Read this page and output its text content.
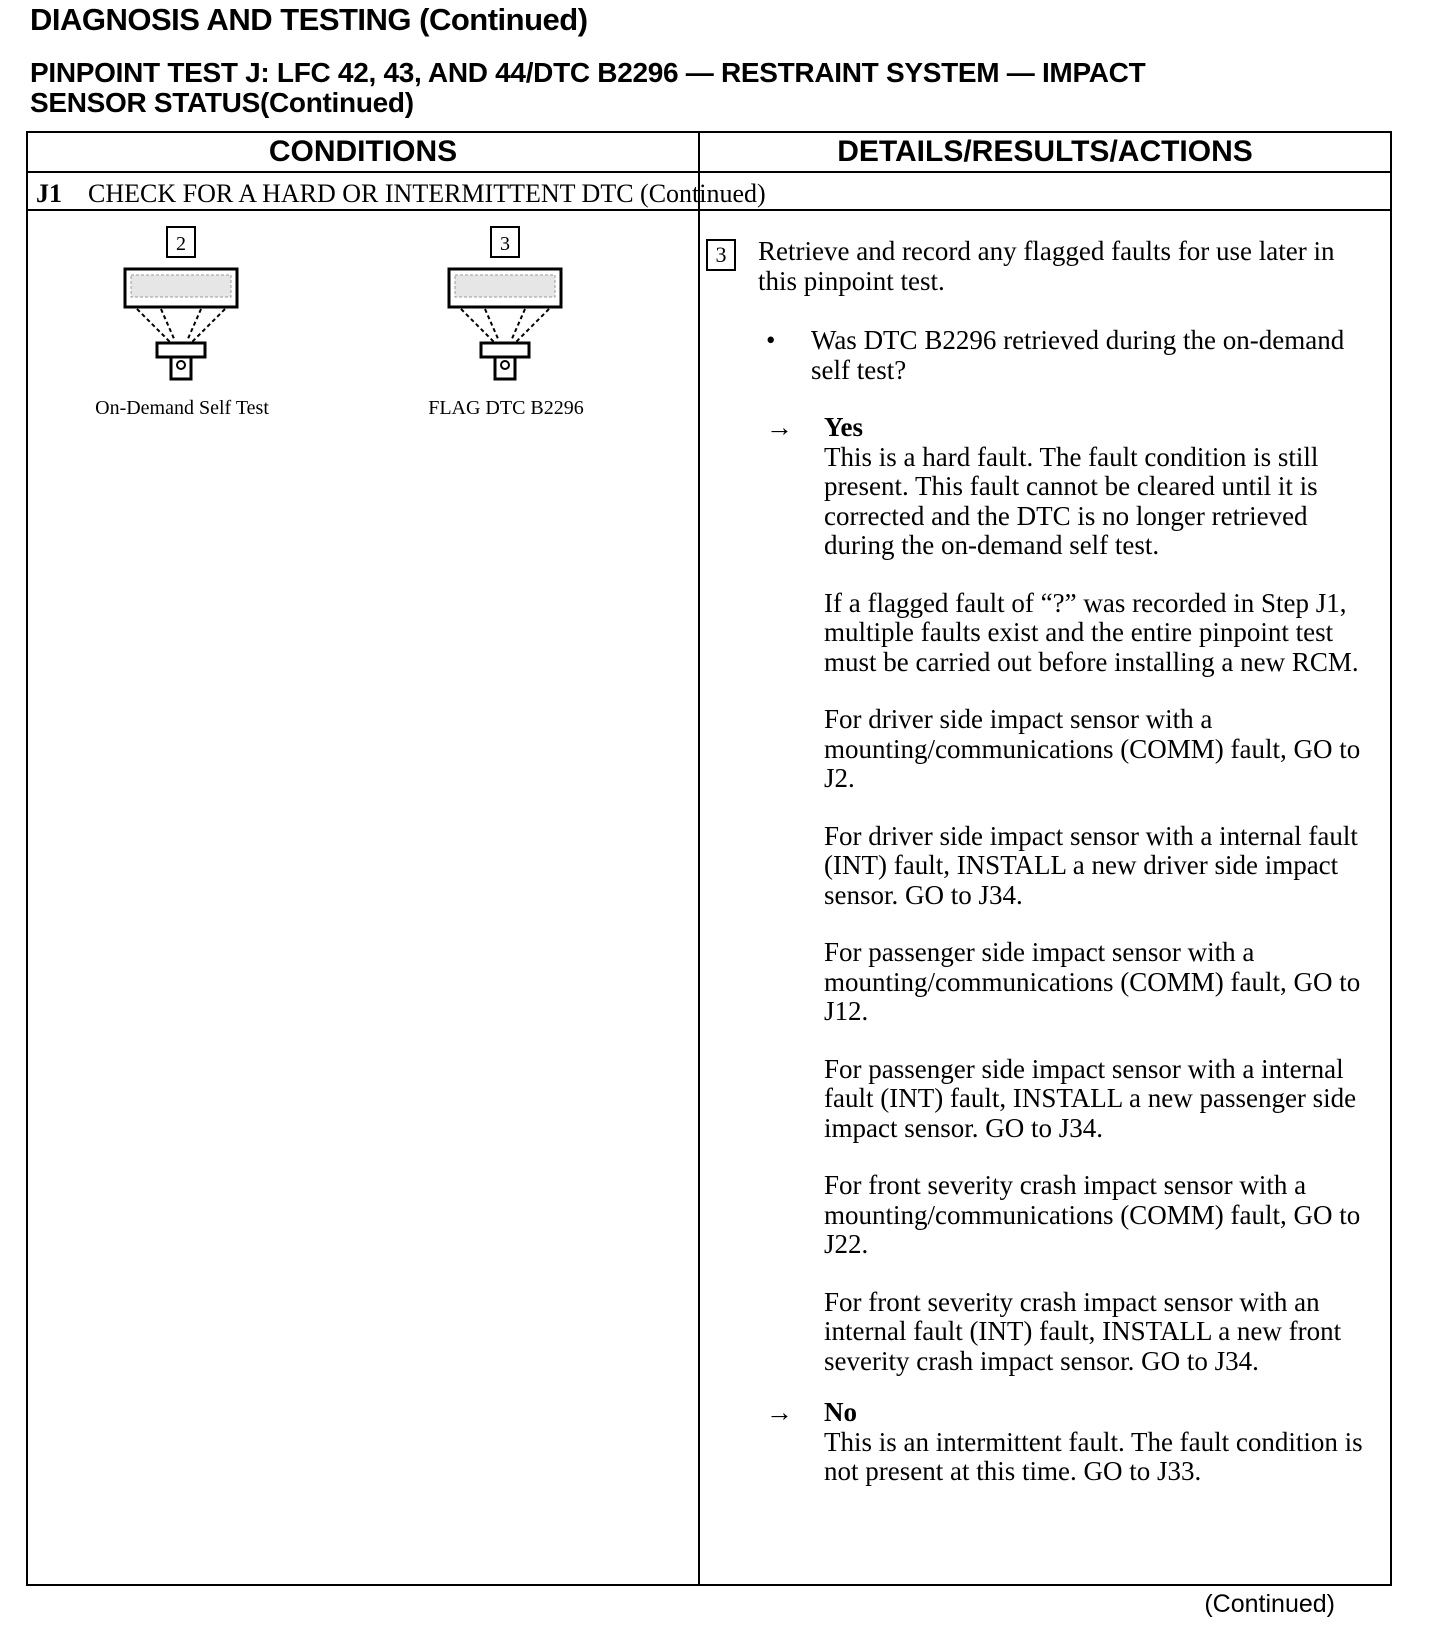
DIAGNOSIS AND TESTING (Continued)
PINPOINT TEST J: LFC 42, 43, AND 44/DTC B2296 — RESTRAINT SYSTEM — IMPACT
SENSOR STATUS(Continued)
CONDITIONS	DETAILS/RESULTS/ACTIONS
J1 CHECK FOR A HARD OR INTERMITTENT DTC (Continued)
2
On-Demand Self Test
3
FLAG DTC B2296
3	Retrieve and record any flagged faults for use later in this pinpoint test.
•	Was DTC B2296 retrieved during the on-demand self test?
→	Yes

This is a hard fault. The fault condition is still present. This fault cannot be cleared until it is corrected and the DTC is no longer retrieved during the on-demand self test.

If a flagged fault of “?” was recorded in Step J1, multiple faults exist and the entire pinpoint test must be carried out before installing a new RCM.

For driver side impact sensor with a mounting/communications (COMM) fault, GO to J2.

For driver side impact sensor with a internal fault (INT) fault, INSTALL a new driver side impact sensor. GO to J34.

For passenger side impact sensor with a mounting/communications (COMM) fault, GO to J12.

For passenger side impact sensor with a internal fault (INT) fault, INSTALL a new passenger side impact sensor. GO to J34.

For front severity crash impact sensor with a mounting/communications (COMM) fault, GO to J22.

For front severity crash impact sensor with an internal fault (INT) fault, INSTALL a new front severity crash impact sensor. GO to J34.

→	No

This is an intermittent fault. The fault condition is not present at this time. GO to J33.

(Continued)
